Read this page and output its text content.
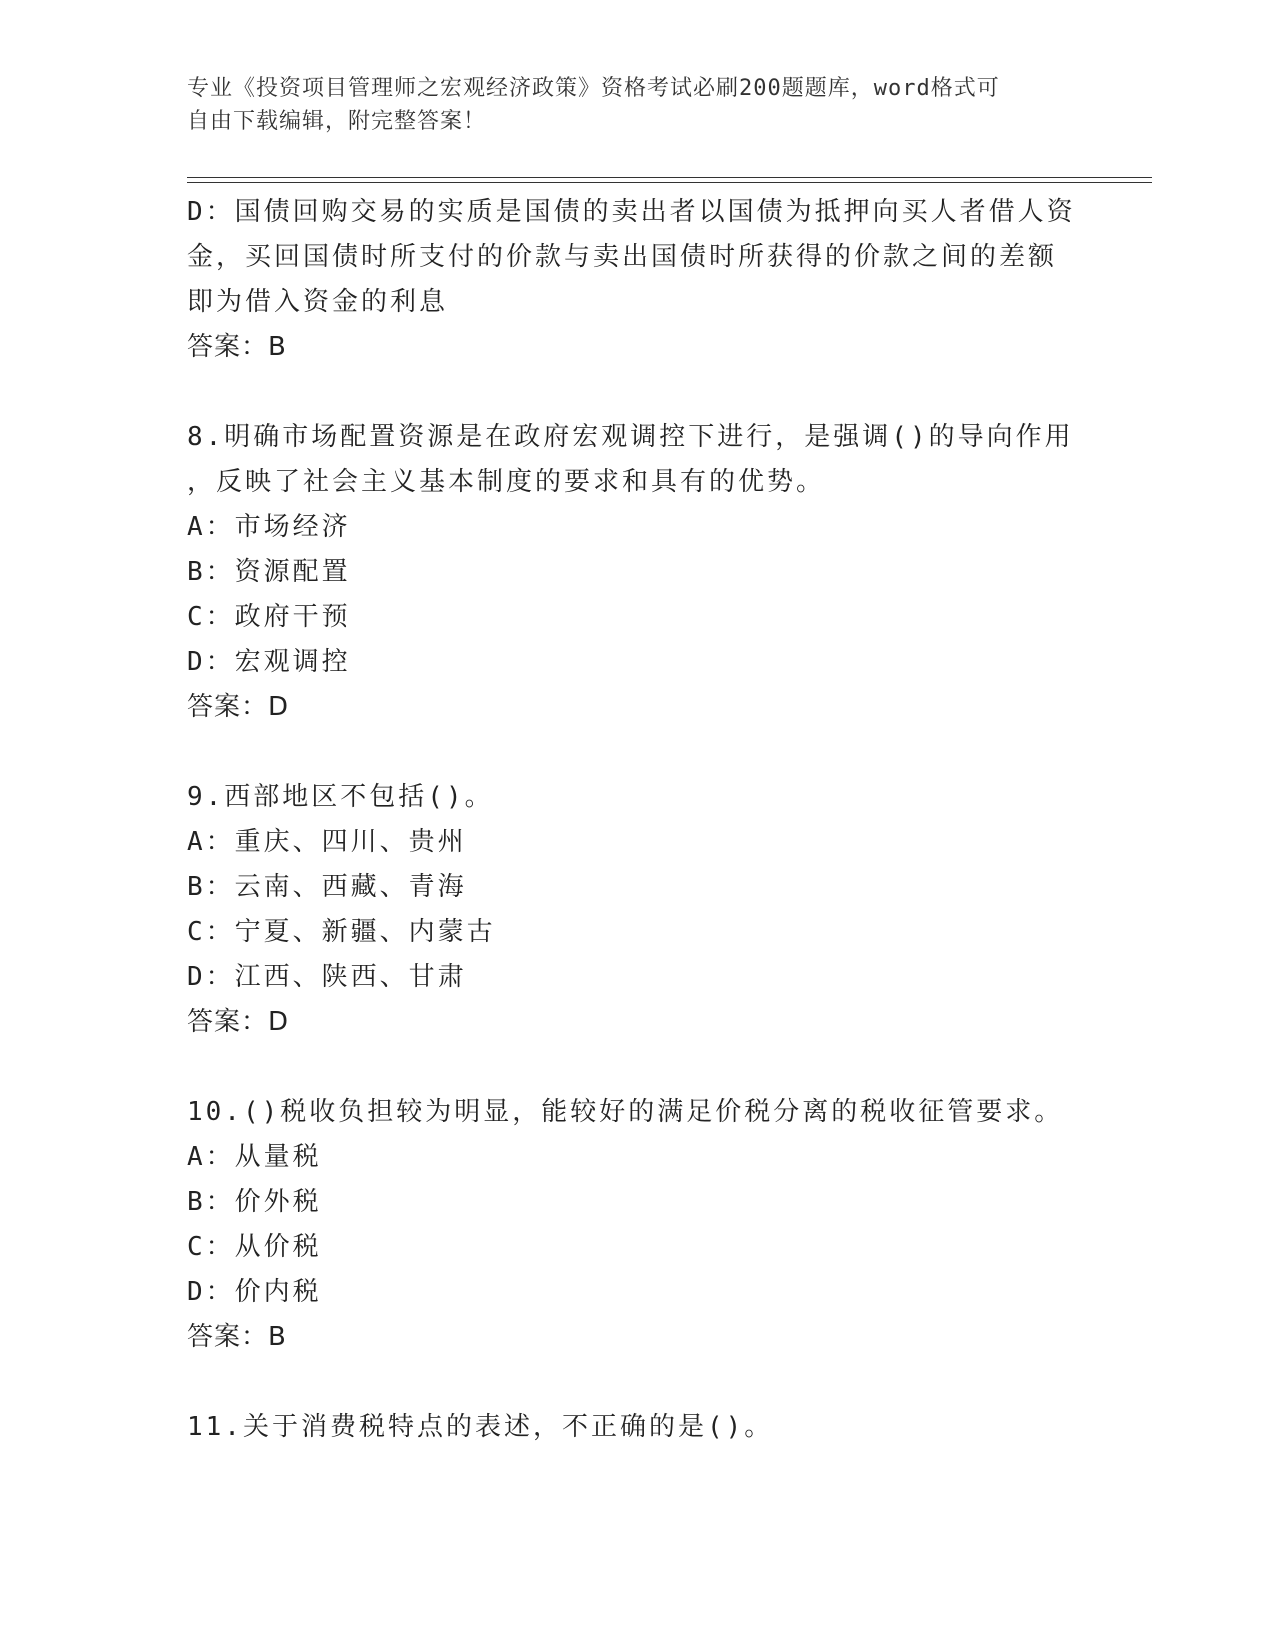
专业《投资项目管理师之宏观经济政策》资格考试必刷200题题库，word格式可
自由下载编辑，附完整答案！
D：国债回购交易的实质是国债的卖出者以国债为抵押向买人者借人资
金，买回国债时所支付的价款与卖出国债时所获得的价款之间的差额
即为借入资金的利息
答案：B
8.明确市场配置资源是在政府宏观调控下进行，是强调()的导向作用
，反映了社会主义基本制度的要求和具有的优势。
A：市场经济
B：资源配置
C：政府干预
D：宏观调控
答案：D
9.西部地区不包括()。
A：重庆、四川、贵州
B：云南、西藏、青海
C：宁夏、新疆、内蒙古
D：江西、陕西、甘肃
答案：D
10.()税收负担较为明显，能较好的满足价税分离的税收征管要求。
A：从量税
B：价外税
C：从价税
D：价内税
答案：B
11.关于消费税特点的表述，不正确的是()。
